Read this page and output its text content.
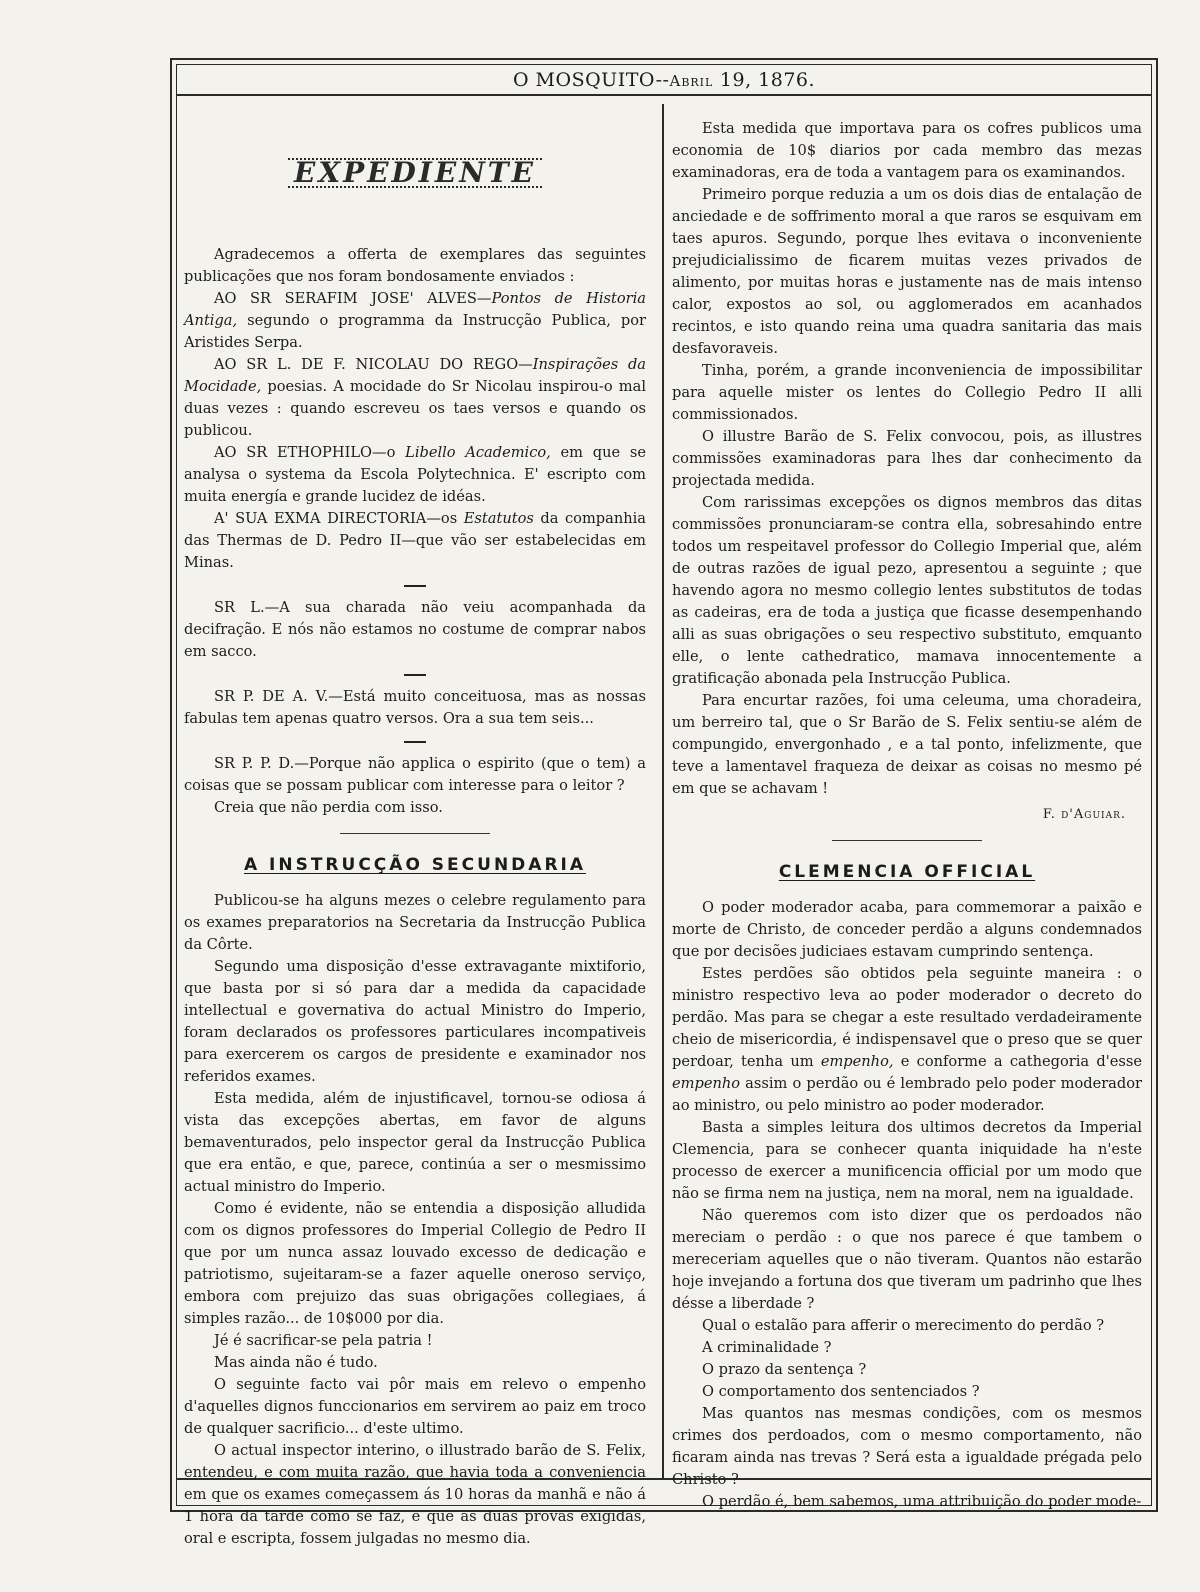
O MOSQUITO--Abril 19, 1876.
EXPEDIENTE

Agradecemos a offerta de exemplares das seguintes publicações que nos foram bondosamente enviados :

AO SR SERAFIM JOSE' ALVES—Pontos de Historia Antiga, segundo o programma da Instrucção Publica, por Aristides Serpa.

AO SR L. DE F. NICOLAU DO REGO—Inspirações da Mocidade, poesias. A mocidade do Sr Nicolau inspirou-o mal duas vezes : quando escreveu os taes versos e quando os publicou.

AO SR ETHOPHILO—o Libello Academico, em que se analysa o systema da Escola Polytechnica. E' escripto com muita energía e grande lucidez de idéas.

A' SUA EXMA DIRECTORIA—os Estatutos da companhia das Thermas de D. Pedro II—que vão ser estabelecidas em Minas.

SR L.—A sua charada não veiu acompanhada da decifração. E nós não estamos no costume de comprar nabos em sacco.

SR P. DE A. V.—Está muito conceituosa, mas as nossas fabulas tem apenas quatro versos. Ora a sua tem seis...

SR P. P. D.—Porque não applica o espirito (que o tem) a coisas que se possam publicar com interesse para o leitor ?

Creia que não perdia com isso.

A INSTRUCÇÃO SECUNDARIA

Publicou-se ha alguns mezes o celebre regulamento para os exames preparatorios na Secretaria da Instrucção Publica da Côrte.

Segundo uma disposição d'esse extravagante mixtiforio, que basta por si só para dar a medida da capacidade intellectual e governativa do actual Ministro do Imperio, foram declarados os professores particulares incompativeis para exercerem os cargos de presidente e examinador nos referidos exames.

Esta medida, além de injustificavel, tornou-se odiosa á vista das excepções abertas, em favor de alguns bemaventurados, pelo inspector geral da Instrucção Publica que era então, e que, parece, continúa a ser o mesmissimo actual ministro do Imperio.

Como é evidente, não se entendia a disposição alludida com os dignos professores do Imperial Collegio de Pedro II que por um nunca assaz louvado excesso de dedicação e patriotismo, sujeitaram-se a fazer aquelle oneroso serviço, embora com prejuizo das suas obrigações collegiaes, á simples razão... de 10$000 por dia.

Jé é sacrificar-se pela patria !

Mas ainda não é tudo.

O seguinte facto vai pôr mais em relevo o empenho d'aquelles dignos funccionarios em servirem ao paiz em troco de qualquer sacrificio... d'este ultimo.

O actual inspector interino, o illustrado barão de S. Felix, entendeu, e com muita razão, que havia toda a conveniencia em que os exames começassem ás 10 horas da manhã e não á 1 hora da tarde como se faz, e que as duas provas exigidas, oral e escripta, fossem julgadas no mesmo dia.

Esta medida que importava para os cofres publicos uma economia de 10$ diarios por cada membro das mezas examinadoras, era de toda a vantagem para os examinandos.

Primeiro porque reduzia a um os dois dias de entalação de anciedade e de soffrimento moral a que raros se esquivam em taes apuros. Segundo, porque lhes evitava o inconveniente prejudicialissimo de ficarem muitas vezes privados de alimento, por muitas horas e justamente nas de mais intenso calor, expostos ao sol, ou agglomerados em acanhados recintos, e isto quando reina uma quadra sanitaria das mais desfavoraveis.

Tinha, porém, a grande inconveniencia de impossibilitar para aquelle mister os lentes do Collegio Pedro II alli commissionados.

O illustre Barão de S. Felix convocou, pois, as illustres commissões examinadoras para lhes dar conhecimento da projectada medida.

Com rarissimas excepções os dignos membros das ditas commissões pronunciaram-se contra ella, sobresahindo entre todos um respeitavel professor do Collegio Imperial que, além de outras razões de igual pezo, apresentou a seguinte ; que havendo agora no mesmo collegio lentes substitutos de todas as cadeiras, era de toda a justiça que ficasse desempenhando alli as suas obrigações o seu respectivo substituto, emquanto elle, o lente cathedratico, mamava innocentemente a gratificação abonada pela Instrucção Publica.

Para encurtar razões, foi uma celeuma, uma choradeira, um berreiro tal, que o Sr Barão de S. Felix sentiu-se além de compungido, envergonhado , e a tal ponto, infelizmente, que teve a lamentavel fraqueza de deixar as coisas no mesmo pé em que se achavam !

F. d'Aguiar.
CLEMENCIA OFFICIAL

O poder moderador acaba, para commemorar a paixão e morte de Christo, de conceder perdão a alguns condemnados que por decisões judiciaes estavam cumprindo sentença.

Estes perdões são obtidos pela seguinte maneira : o ministro respectivo leva ao poder moderador o decreto do perdão. Mas para se chegar a este resultado verdadeiramente cheio de misericordia, é indispensavel que o preso que se quer perdoar, tenha um empenho, e conforme a cathegoria d'esse empenho assim o perdão ou é lembrado pelo poder moderador ao ministro, ou pelo ministro ao poder moderador.

Basta a simples leitura dos ultimos decretos da Imperial Clemencia, para se conhecer quanta iniquidade ha n'este processo de exercer a munificencia official por um modo que não se firma nem na justiça, nem na moral, nem na igualdade.

Não queremos com isto dizer que os perdoados não mereciam o perdão : o que nos parece é que tambem o mereceriam aquelles que o não tiveram. Quantos não estarão hoje invejando a fortuna dos que tiveram um padrinho que lhes désse a liberdade ?

Qual o estalão para afferir o merecimento do perdão ?

A criminalidade ?

O prazo da sentença ?

O comportamento dos sentenciados ?

Mas quantos nas mesmas condições, com os mesmos crimes dos perdoados, com o mesmo comportamento, não ficaram ainda nas trevas ? Será esta a igualdade prégada pelo Christo ?

O perdão é, bem sabemos, uma attribuição do poder mode-
